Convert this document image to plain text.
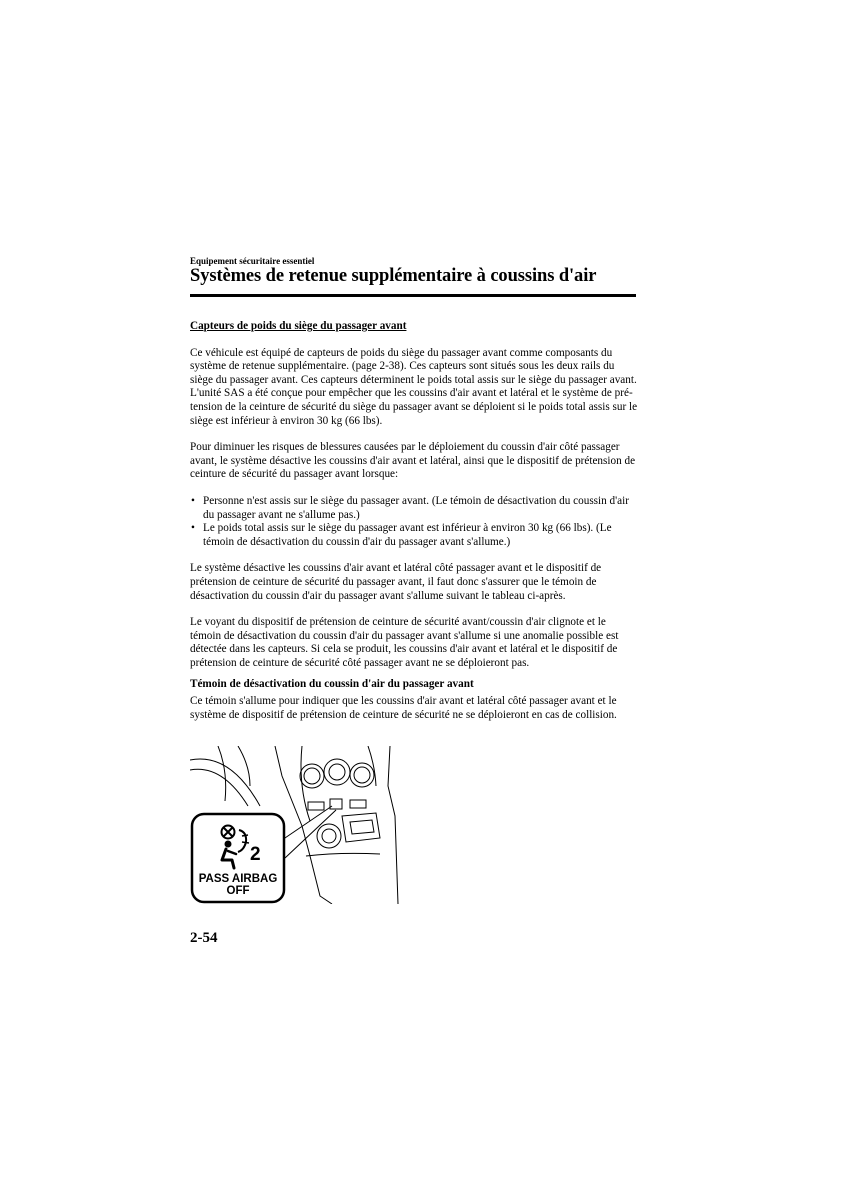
Equipement sécuritaire essentiel
Systèmes de retenue supplémentaire à coussins d'air

Capteurs de poids du siège du passager avant

Ce véhicule est équipé de capteurs de poids du siège du passager avant comme composants du système de retenue supplémentaire. (page 2-38). Ces capteurs sont situés sous les deux rails du siège du passager avant. Ces capteurs déterminent le poids total assis sur le siège du passager avant. L'unité SAS a été conçue pour empêcher que les coussins d'air avant et latéral et le système de pré-tension de la ceinture de sécurité du siège du passager avant se déploient si le poids total assis sur le siège est inférieur à environ 30 kg (66 lbs).

Pour diminuer les risques de blessures causées par le déploiement du coussin d'air côté passager avant, le système désactive les coussins d'air avant et latéral, ainsi que le dispositif de prétension de ceinture de sécurité du passager avant lorsque:

• Personne n'est assis sur le siège du passager avant. (Le témoin de désactivation du coussin d'air du passager avant ne s'allume pas.)
• Le poids total assis sur le siège du passager avant est inférieur à environ 30 kg (66 lbs). (Le témoin de désactivation du coussin d'air du passager avant s'allume.)

Le système désactive les coussins d'air avant et latéral côté passager avant et le dispositif de prétension de ceinture de sécurité du passager avant, il faut donc s'assurer que le témoin de désactivation du coussin d'air du passager avant s'allume suivant le tableau ci-après.

Le voyant du dispositif de prétension de ceinture de sécurité avant/coussin d'air clignote et le témoin de désactivation du coussin d'air du passager avant s'allume si une anomalie possible est détectée dans les capteurs. Si cela se produit, les coussins d'air avant et latéral et le dispositif de prétension de ceinture de sécurité côté passager avant ne se déploieront pas.

Témoin de désactivation du coussin d'air du passager avant

Ce témoin s'allume pour indiquer que les coussins d'air avant et latéral côté passager avant et le système de dispositif de prétension de ceinture de sécurité ne se déploieront en cas de collision.

2
PASS AIRBAG
OFF
2-54
